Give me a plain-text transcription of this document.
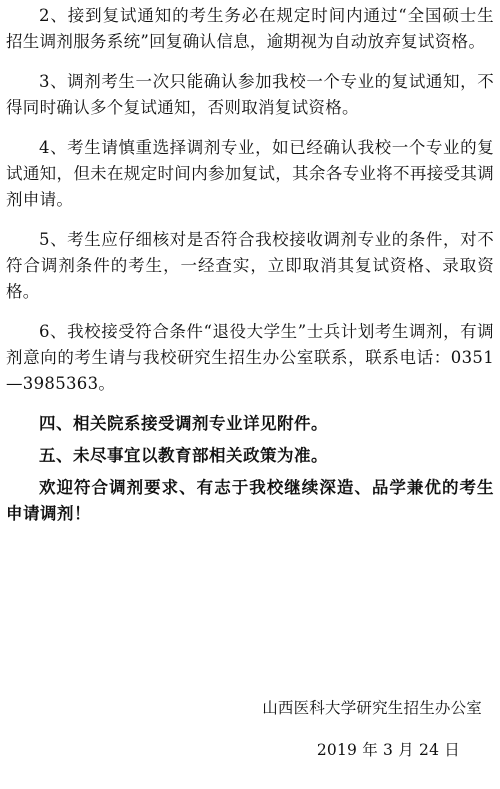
2、接到复试通知的考生务必在规定时间内通过“全国硕士生招生调剂服务系统”回复确认信息，逾期视为自动放弃复试资格。

3、调剂考生一次只能确认参加我校一个专业的复试通知，不得同时确认多个复试通知，否则取消复试资格。

4、考生请慎重选择调剂专业，如已经确认我校一个专业的复试通知，但未在规定时间内参加复试，其余各专业将不再接受其调剂申请。

5、考生应仔细核对是否符合我校接收调剂专业的条件，对不符合调剂条件的考生，一经查实，立即取消其复试资格、录取资格。

6、我校接受符合条件“退役大学生”士兵计划考生调剂，有调剂意向的考生请与我校研究生招生办公室联系，联系电话：0351—3985363。

四、相关院系接受调剂专业详见附件。

五、未尽事宜以教育部相关政策为准。

欢迎符合调剂要求、有志于我校继续深造、品学兼优的考生申请调剂！

山西医科大学研究生招生办公室
2019 年 3 月 24 日
